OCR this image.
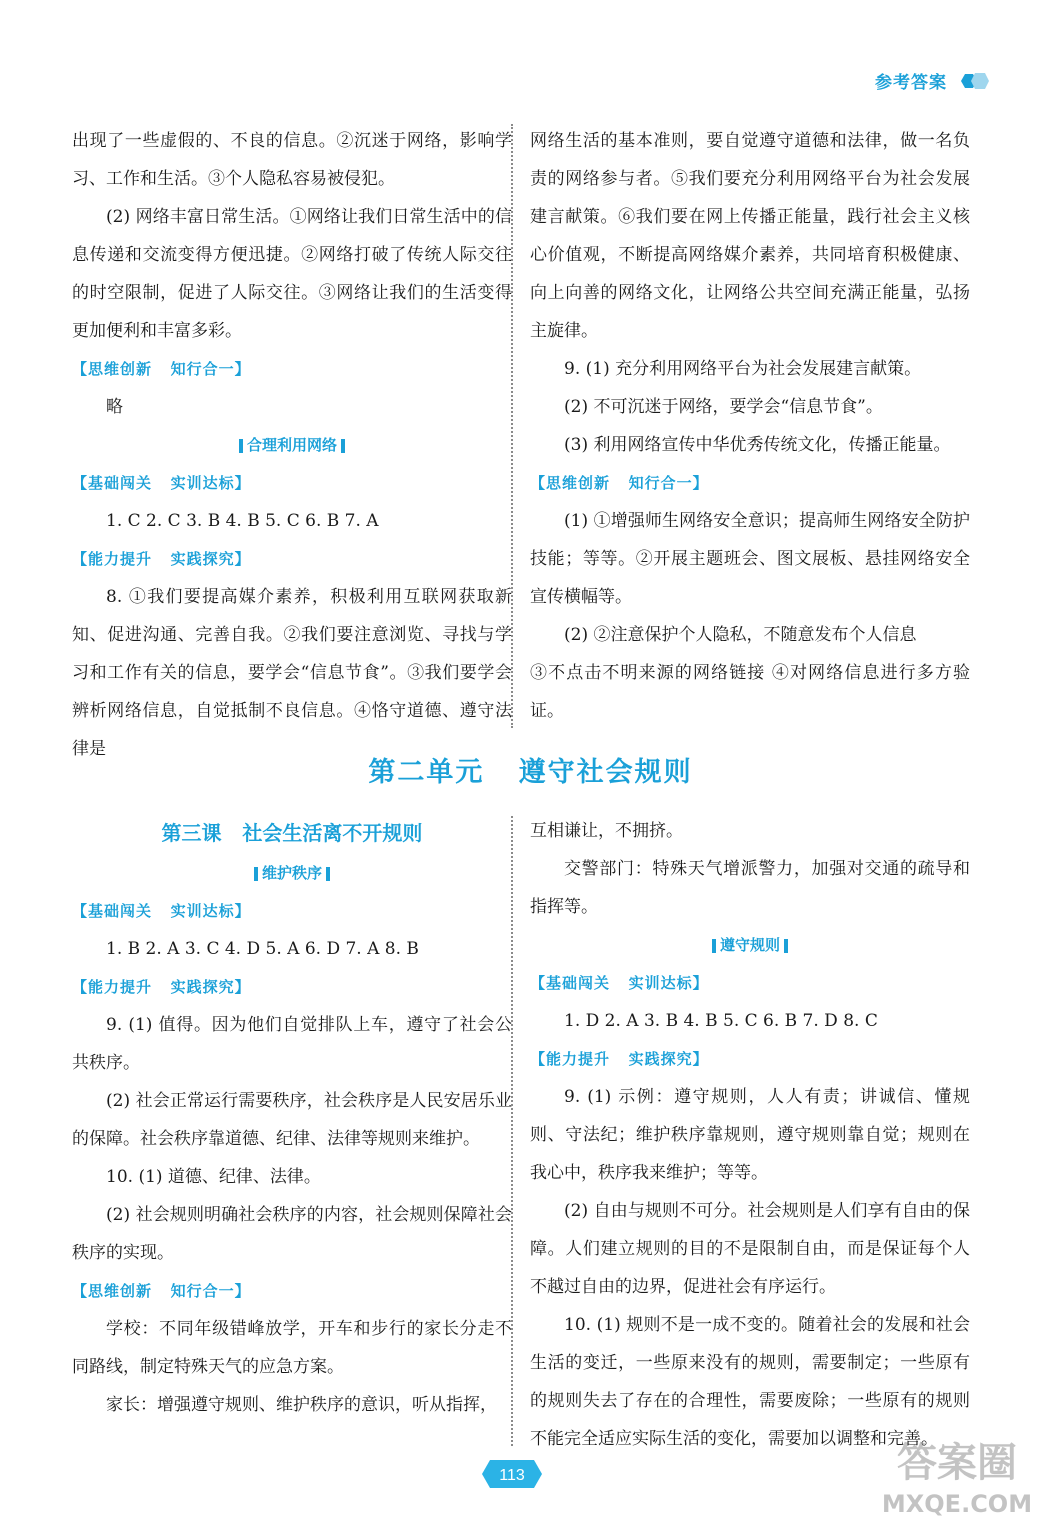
参考答案

出现了一些虚假的、不良的信息。②沉迷于网络，影响学习、工作和生活。③个人隐私容易被侵犯。

(2) 网络丰富日常生活。①网络让我们日常生活中的信息传递和交流变得方便迅捷。②网络打破了传统人际交往的时空限制，促进了人际交往。③网络让我们的生活变得更加便利和丰富多彩。

【思维创新   知行合一】

略

合理利用网络
【基础闯关   实训达标】

1. C 2. C 3. B 4. B 5. C 6. B 7. A

【能力提升   实践探究】

8. ①我们要提高媒介素养，积极利用互联网获取新知、促进沟通、完善自我。②我们要注意浏览、寻找与学习和工作有关的信息，要学会“信息节食”。③我们要学会辨析网络信息，自觉抵制不良信息。④恪守道德、遵守法律是

网络生活的基本准则，要自觉遵守道德和法律，做一名负责的网络参与者。⑤我们要充分利用网络平台为社会发展建言献策。⑥我们要在网上传播正能量，践行社会主义核心价值观，不断提高网络媒介素养，共同培育积极健康、向上向善的网络文化，让网络公共空间充满正能量，弘扬主旋律。

9. (1) 充分利用网络平台为社会发展建言献策。

(2) 不可沉迷于网络，要学会“信息节食”。

(3) 利用网络宣传中华优秀传统文化，传播正能量。

【思维创新   知行合一】

(1) ①增强师生网络安全意识；提高师生网络安全防护技能；等等。②开展主题班会、图文展板、悬挂网络安全宣传横幅等。

(2) ②注意保护个人隐私，不随意发布个人信息

③不点击不明来源的网络链接 ④对网络信息进行多方验证。

第二单元   遵守社会规则
第三课   社会生活离不开规则
维护秩序
【基础闯关   实训达标】

1. B 2. A 3. C 4. D 5. A 6. D 7. A 8. B

【能力提升   实践探究】

9. (1) 值得。因为他们自觉排队上车，遵守了社会公共秩序。

(2) 社会正常运行需要秩序，社会秩序是人民安居乐业的保障。社会秩序靠道德、纪律、法律等规则来维护。

10. (1) 道德、纪律、法律。

(2) 社会规则明确社会秩序的内容，社会规则保障社会秩序的实现。

【思维创新   知行合一】

学校：不同年级错峰放学，开车和步行的家长分走不同路线，制定特殊天气的应急方案。

家长：增强遵守规则、维护秩序的意识，听从指挥，

互相谦让，不拥挤。

交警部门：特殊天气增派警力，加强对交通的疏导和指挥等。

遵守规则
【基础闯关   实训达标】

1. D 2. A 3. B 4. B 5. C 6. B 7. D 8. C

【能力提升   实践探究】

9. (1) 示例：遵守规则，人人有责；讲诚信、懂规则、守法纪；维护秩序靠规则，遵守规则靠自觉；规则在我心中，秩序我来维护；等等。

(2) 自由与规则不可分。社会规则是人们享有自由的保障。人们建立规则的目的不是限制自由，而是保证每个人不越过自由的边界，促进社会有序运行。

10. (1) 规则不是一成不变的。随着社会的发展和社会生活的变迁，一些原来没有的规则，需要制定；一些原有的规则失去了存在的合理性，需要废除；一些原有的规则不能完全适应实际生活的变化，需要加以调整和完善。

113	答案圈
MXQE.COM
